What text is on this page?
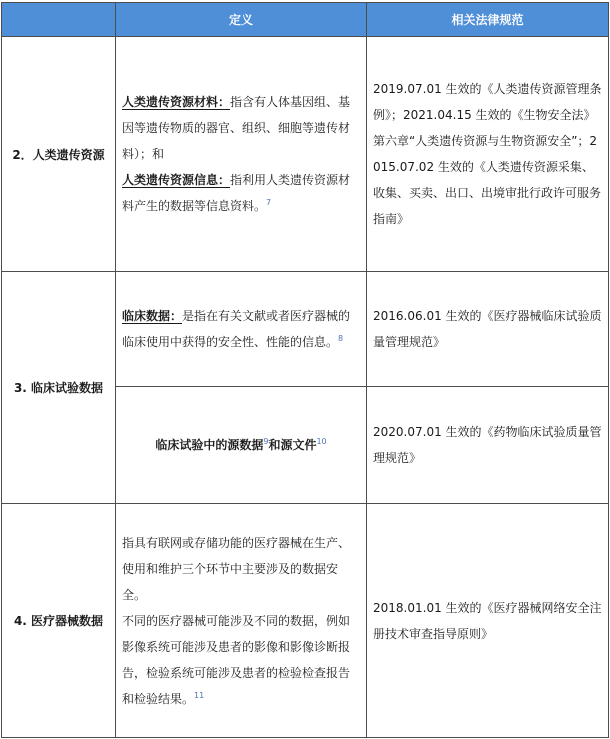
	定义	相关法律规范
2．人类遗传资源	人类遗传资源材料：指含有人体基因组、基因等遗传物质的器官、组织、细胞等遗传材料）；和

人类遗传资源信息：指利用人类遗传资源材料产生的数据等信息资料。$^7$	2019.07.01 生效的《人类遗传资源管理条例》；2021.04.15 生效的《生物安全法》第六章“人类遗传资源与生物资源安全”；2015.07.02 生效的《人类遗传资源采集、收集、买卖、出口、出境审批行政许可服务指南》
3. 临床试验数据	临床数据：是指在有关文献或者医疗器械的临床使用中获得的安全性、性能的信息。$^8$	2016.06.01 生效的《医疗器械临床试验质量管理规范》

	临床试验中的源数据$^9$和源文件$^{10}$	2020.07.01 生效的《药物临床试验质量管理规范》
4. 医疗器械数据	指具有联网或存储功能的医疗器械在生产、使用和维护三个环节中主要涉及的数据安全。

不同的医疗器械可能涉及不同的数据，例如影像系统可能涉及患者的影像和影像诊断报告，检验系统可能涉及患者的检验检查报告和检验结果。$^{11}$	2018.01.01 生效的《医疗器械网络安全注册技术审查指导原则》
